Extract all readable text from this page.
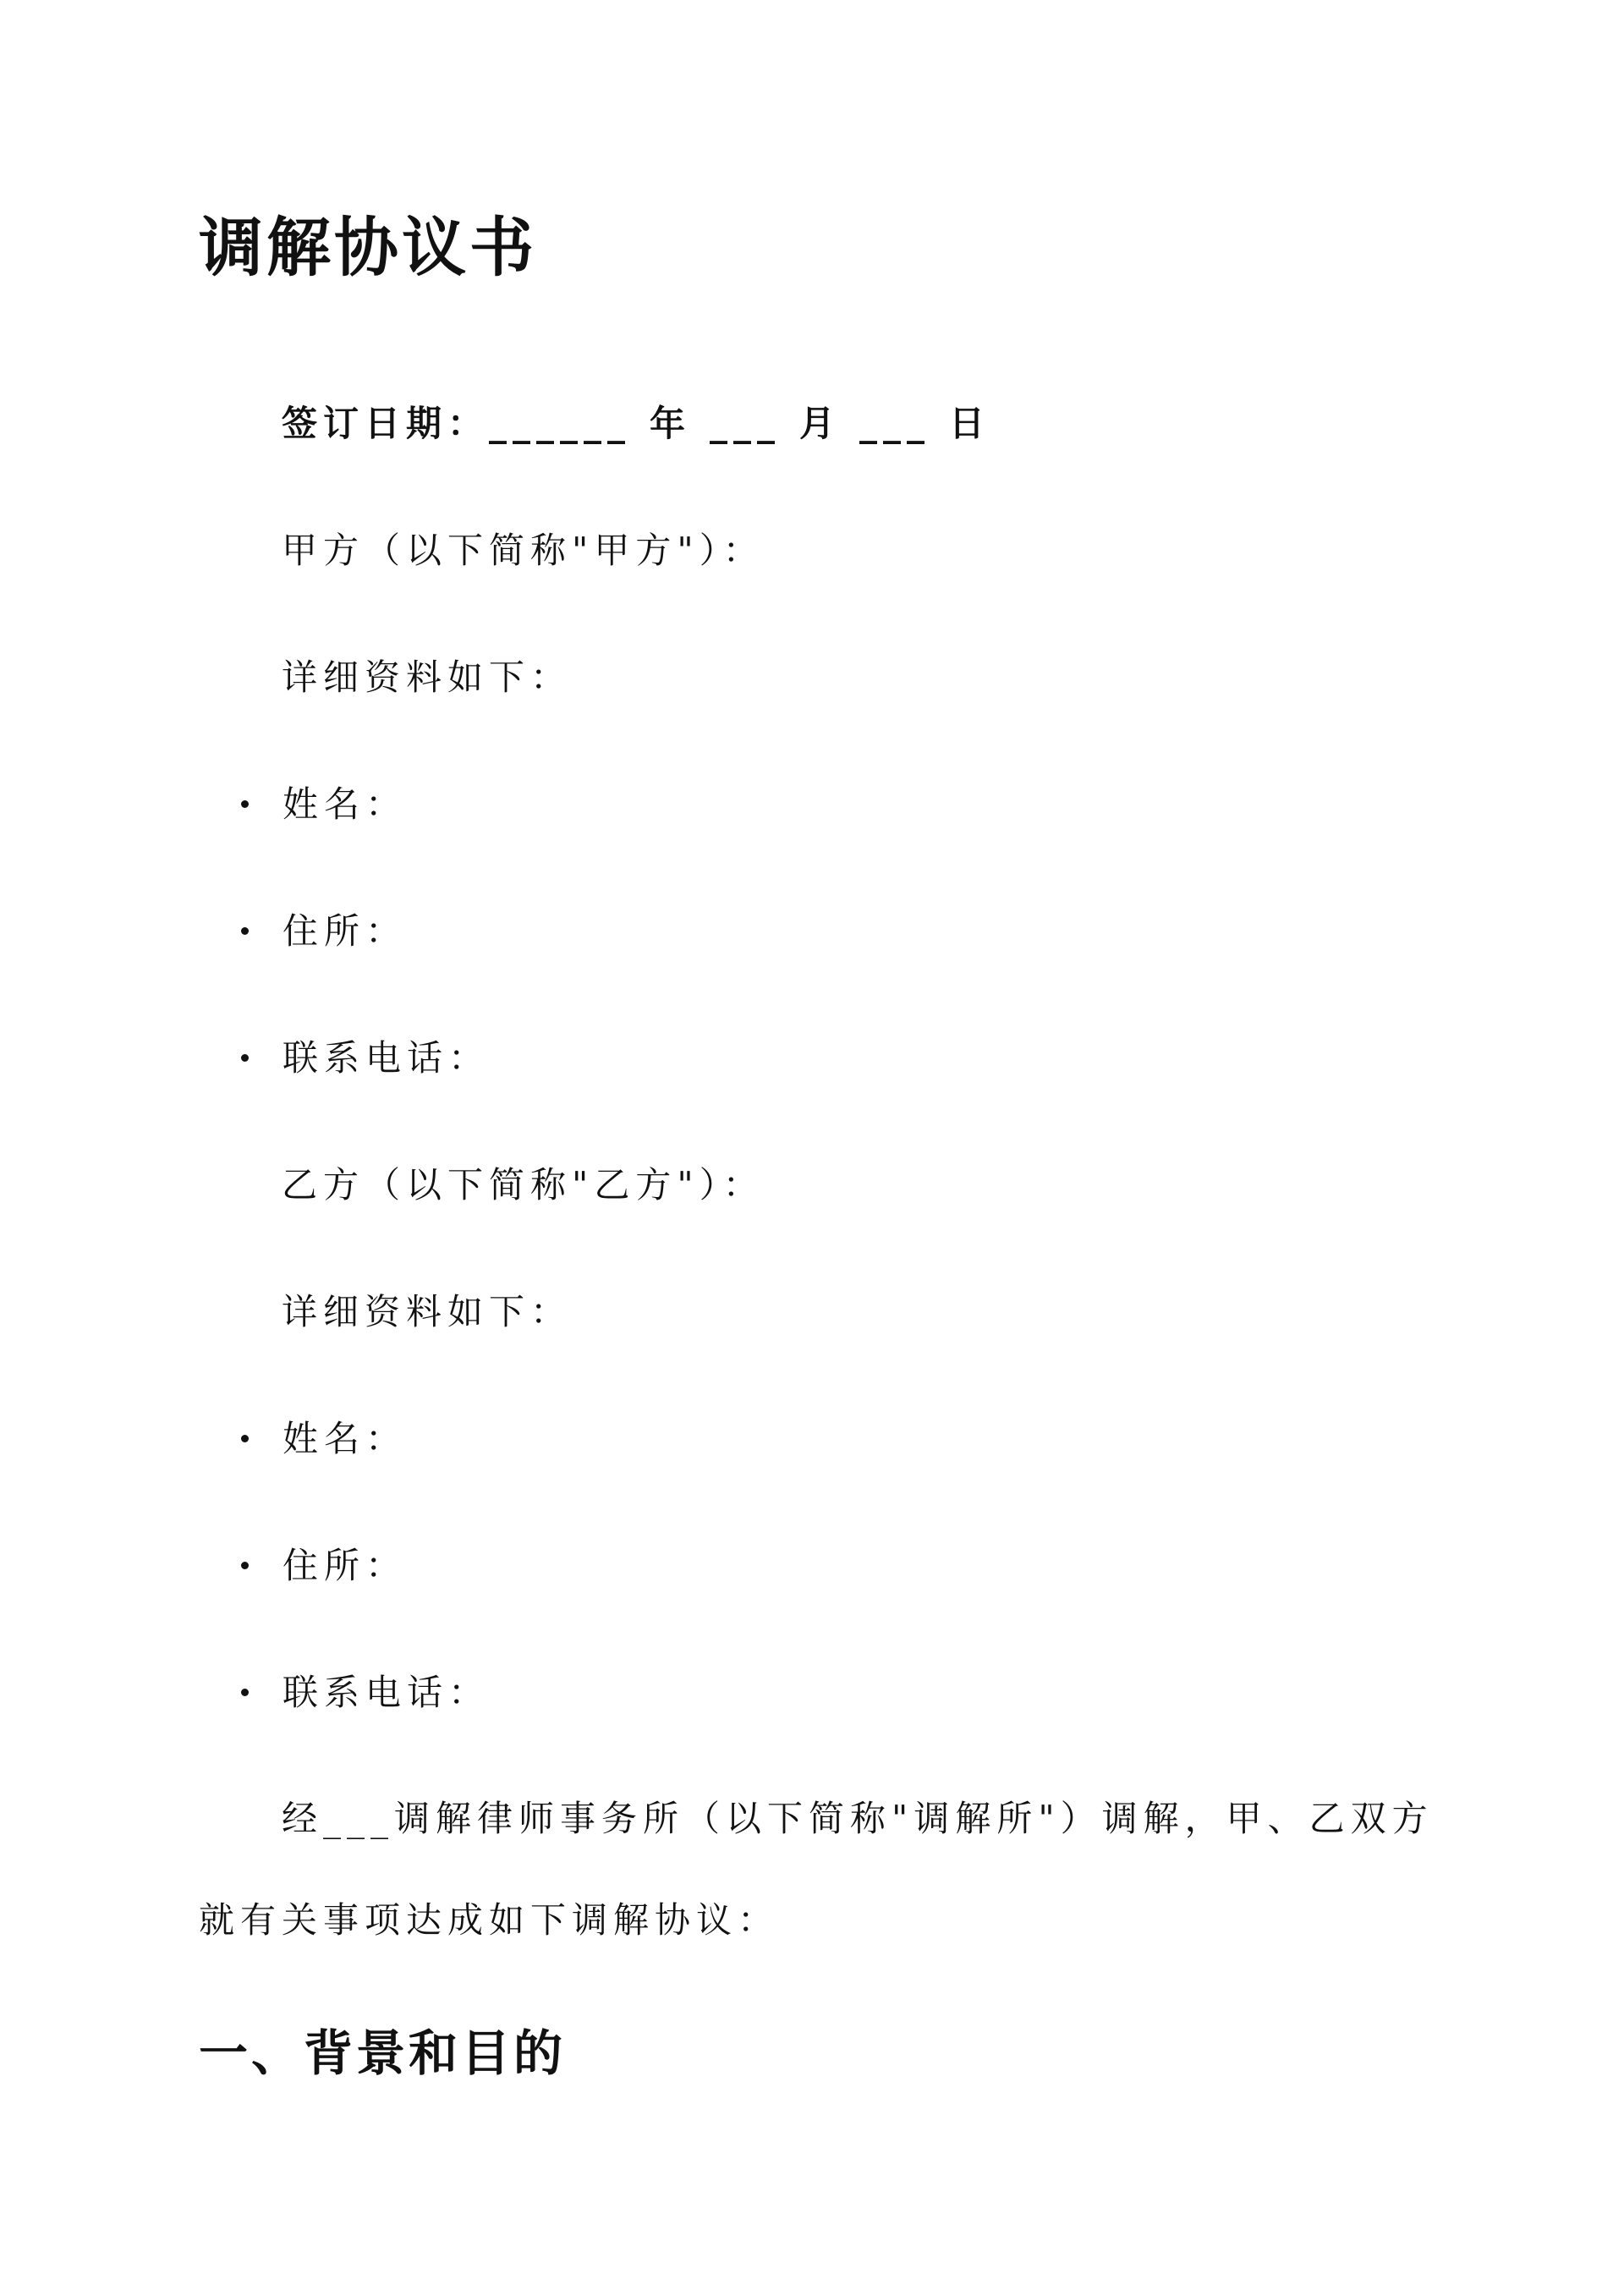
调解协议书

签订日期：______ 年 ___ 月 ___ 日

甲方（以下简称"甲方"）：

详细资料如下：

姓名：
住所：
联系电话：

乙方（以下简称"乙方"）：

详细资料如下：

姓名：
住所：
联系电话：

经___调解律师事务所（以下简称"调解所"）调解，甲、乙双方就有关事项达成如下调解协议：

一、背景和目的
